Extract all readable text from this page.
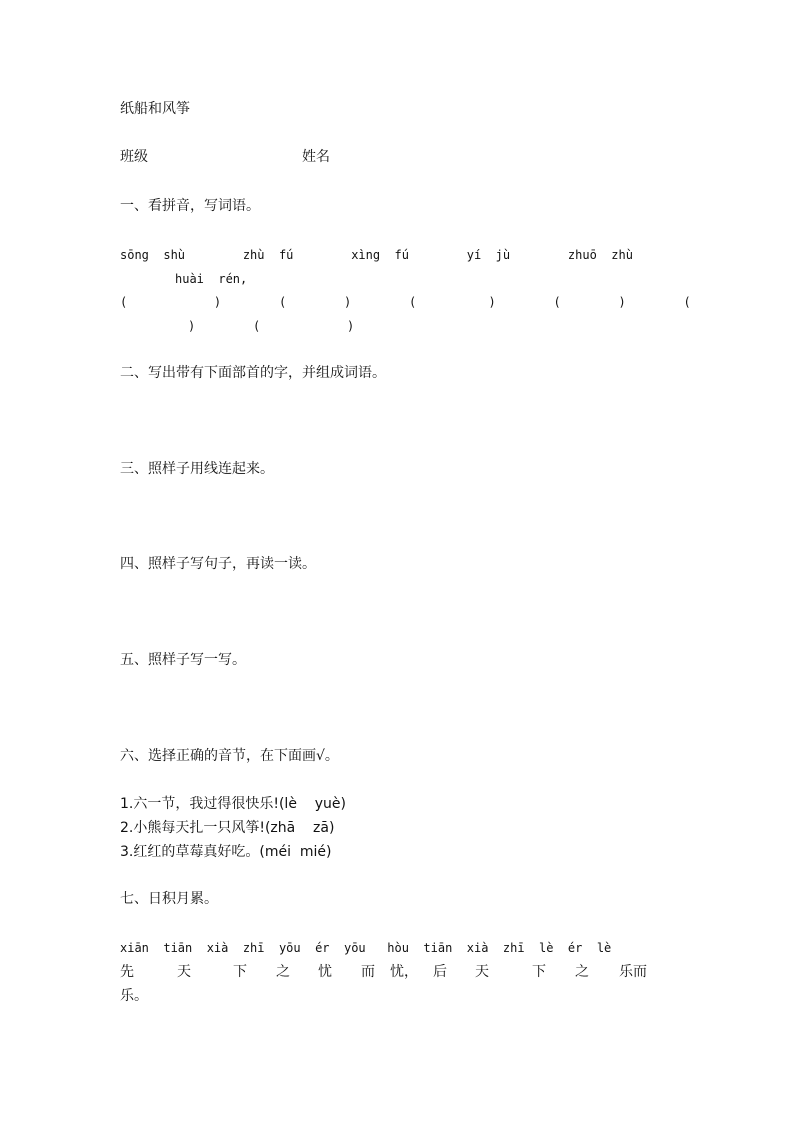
纸船和风筝
班级	姓名
一、看拼音，写词语。
sōng  shù        zhù  fú        xìng  fú        yí  jù        zhuō  zhù
huài  rén,
(            )        (        )        (          )        (        )        (
)        (            )
二、写出带有下面部首的字，并组成词语。
三、照样子用线连起来。
四、照样子写句子，再读一读。
五、照样子写一写。
六、选择正确的音节，在下面画√。
1.六一节，我过得很快乐!(lè    yuè)
2.小熊每天扎一只风筝!(zhā    zā)
3.红红的草莓真好吃。(méi  mié)
七、日积月累。
xiān  tiān  xià  zhī  yōu  ér  yōu   hòu  tiān  xià  zhī  lè  ér  lè
先	天	下 之 忧 而 忧， 后 天	下 之 乐而
乐。
